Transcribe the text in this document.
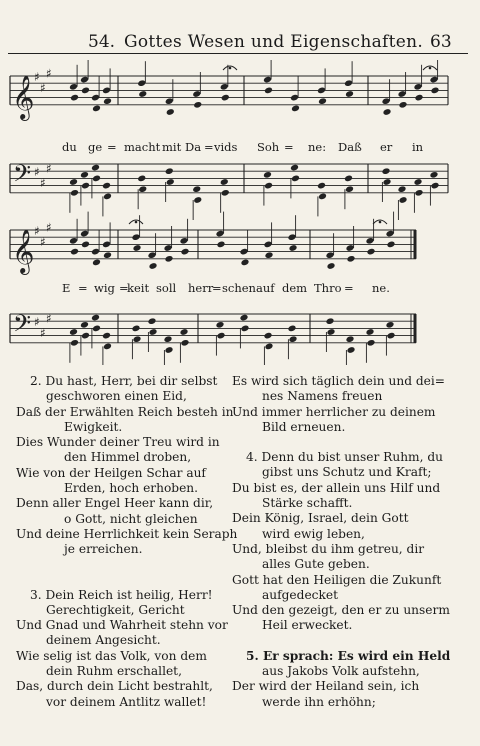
54. Gottes Wesen und Eigenschaften. 63
𝄞 ♯
♯
♯
𝄢 ♯
♯
♯
𝄞 ♯
♯
♯
𝄢 ♯
♯
♯
du ge = macht mit Da = vids Soh = ne: Daß er in
E = wig =
keit soll herr
= schen auf dem Thro = ne.
2. Du hast, Herr, bei dir selbst
geschworen einen Eid,
Daß der Erwählten Reich besteh in
Ewigkeit.
Dies Wunder deiner Treu wird in
den Himmel droben,
Wie von der Heilgen Schar auf
Erden, hoch erhoben.
Denn aller Engel Heer kann dir,
o Gott, nicht gleichen
Und deine Herrlichkeit kein Seraph
je erreichen.
3. Dein Reich ist heilig, Herr!
Gerechtigkeit, Gericht
Und Gnad und Wahrheit stehn vor
deinem Angesicht.
Wie selig ist das Volk, von dem
dein Ruhm erschallet,
Das, durch dein Licht bestrahlt,
vor deinem Antlitz wallet!
Es wird sich täglich dein und dei=
nes Namens freuen
Und immer herrlicher zu deinem
Bild erneuen.
4. Denn du bist unser Ruhm, du
gibst uns Schutz und Kraft;
Du bist es, der allein uns Hilf und
Stärke schafft.
Dein König, Israel, dein Gott
wird ewig leben,
Und, bleibst du ihm getreu, dir
alles Gute geben.
Gott hat den Heiligen die Zukunft
aufgedecket
Und den gezeigt, den er zu unserm
Heil erwecket.
5. Er sprach: Es wird ein Held
aus Jakobs Volk aufstehn,
Der wird der Heiland sein, ich
werde ihn erhöhn;
